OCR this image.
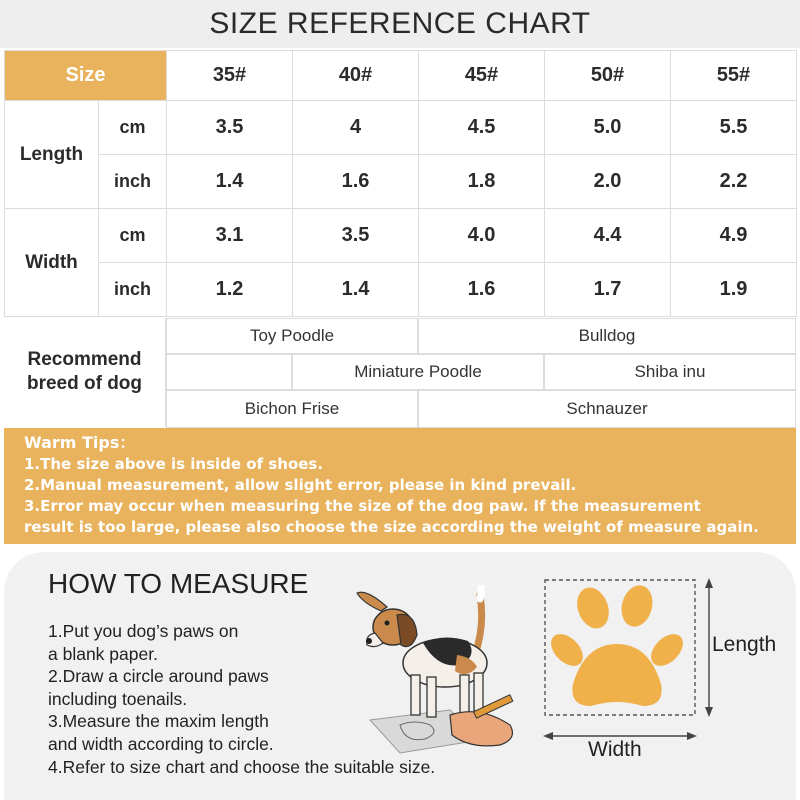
SIZE REFERENCE CHART
Size		35#	40#	45#	50#	55#
Length	cm	3.5	4	4.5	5.0	5.5
	inch	1.4	1.6	1.8	2.0	2.2
Width	cm	3.1	3.5	4.0	4.4	4.9
	inch	1.2	1.4	1.6	1.7	1.9
Recommend
breed of dog
Toy Poodle	Bulldog
Miniature Poodle	Shiba inu
Bichon Frise	Schnauzer
Warm Tips：
1.The size above is inside of shoes.
2.Manual measurement, allow slight error, please in kind prevail.
3.Error may occur when measuring the size of the dog paw. If the measurement
result is too large, please also choose the size according the weight of measure again.
HOW TO MEASURE
1.Put you dog’s paws on
a blank paper.
2.Draw a circle around paws
including toenails.
3.Measure the maxim length
and width according to circle.
4.Refer to size chart and choose the suitable size.
Length
Width
